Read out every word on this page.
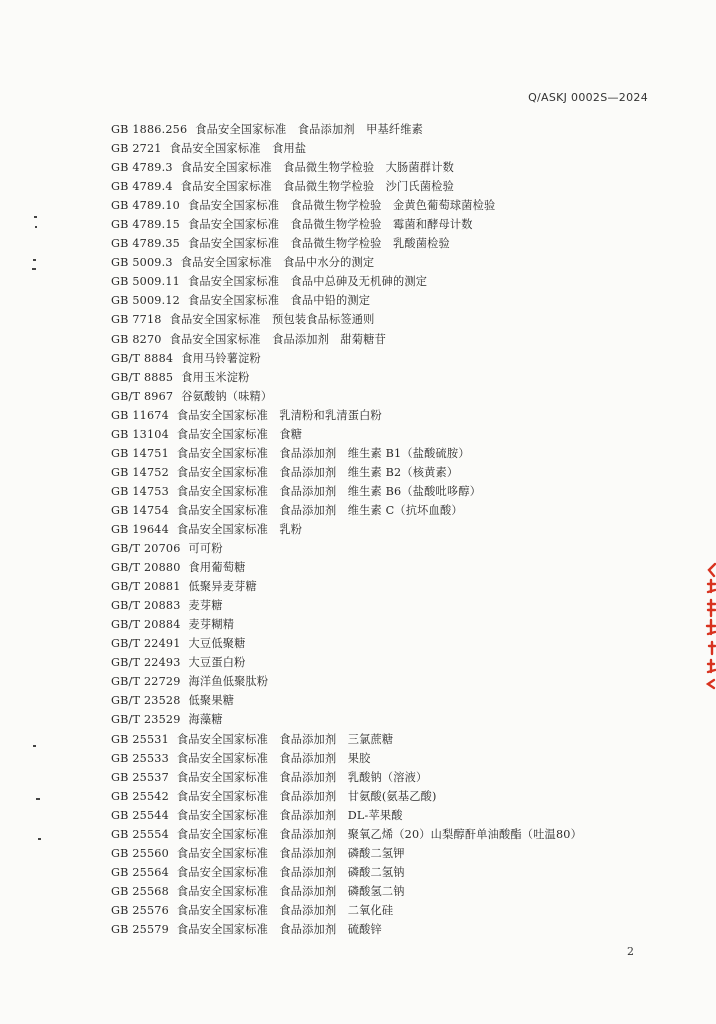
Q/ASKJ 0002S—2024
GB 1886.256 食品安全国家标准　食品添加剂　甲基纤维素
GB 2721 食品安全国家标准　食用盐
GB 4789.3 食品安全国家标准　食品微生物学检验　大肠菌群计数
GB 4789.4 食品安全国家标准　食品微生物学检验　沙门氏菌检验
GB 4789.10 食品安全国家标准　食品微生物学检验　金黄色葡萄球菌检验
GB 4789.15 食品安全国家标准　食品微生物学检验　霉菌和酵母计数
GB 4789.35 食品安全国家标准　食品微生物学检验　乳酸菌检验
GB 5009.3 食品安全国家标准　食品中水分的测定
GB 5009.11 食品安全国家标准　食品中总砷及无机砷的测定
GB 5009.12 食品安全国家标准　食品中铅的测定
GB 7718 食品安全国家标准　预包装食品标签通则
GB 8270 食品安全国家标准　食品添加剂　甜菊糖苷
GB/T 8884 食用马铃薯淀粉
GB/T 8885 食用玉米淀粉
GB/T 8967 谷氨酸钠（味精）
GB 11674 食品安全国家标准　乳清粉和乳清蛋白粉
GB 13104 食品安全国家标准　食糖
GB 14751 食品安全国家标准　食品添加剂　维生素 B1（盐酸硫胺）
GB 14752 食品安全国家标准　食品添加剂　维生素 B2（核黄素）
GB 14753 食品安全国家标准　食品添加剂　维生素 B6（盐酸吡哆醇）
GB 14754 食品安全国家标准　食品添加剂　维生素 C（抗坏血酸）
GB 19644 食品安全国家标准　乳粉
GB/T 20706 可可粉
GB/T 20880 食用葡萄糖
GB/T 20881 低聚异麦芽糖
GB/T 20883 麦芽糖
GB/T 20884 麦芽糊精
GB/T 22491 大豆低聚糖
GB/T 22493 大豆蛋白粉
GB/T 22729 海洋鱼低聚肽粉
GB/T 23528 低聚果糖
GB/T 23529 海藻糖
GB 25531 食品安全国家标准　食品添加剂　三氯蔗糖
GB 25533 食品安全国家标准　食品添加剂　果胶
GB 25537 食品安全国家标准　食品添加剂　乳酸钠（溶液）
GB 25542 食品安全国家标准　食品添加剂　甘氨酸(氨基乙酸)
GB 25544 食品安全国家标准　食品添加剂　DL-苹果酸
GB 25554 食品安全国家标准　食品添加剂　聚氧乙烯（20）山梨醇酐单油酸酯（吐温80）
GB 25560 食品安全国家标准　食品添加剂　磷酸二氢钾
GB 25564 食品安全国家标准　食品添加剂　磷酸二氢钠
GB 25568 食品安全国家标准　食品添加剂　磷酸氢二钠
GB 25576 食品安全国家标准　食品添加剂　二氧化硅
GB 25579 食品安全国家标准　食品添加剂　硫酸锌
2
